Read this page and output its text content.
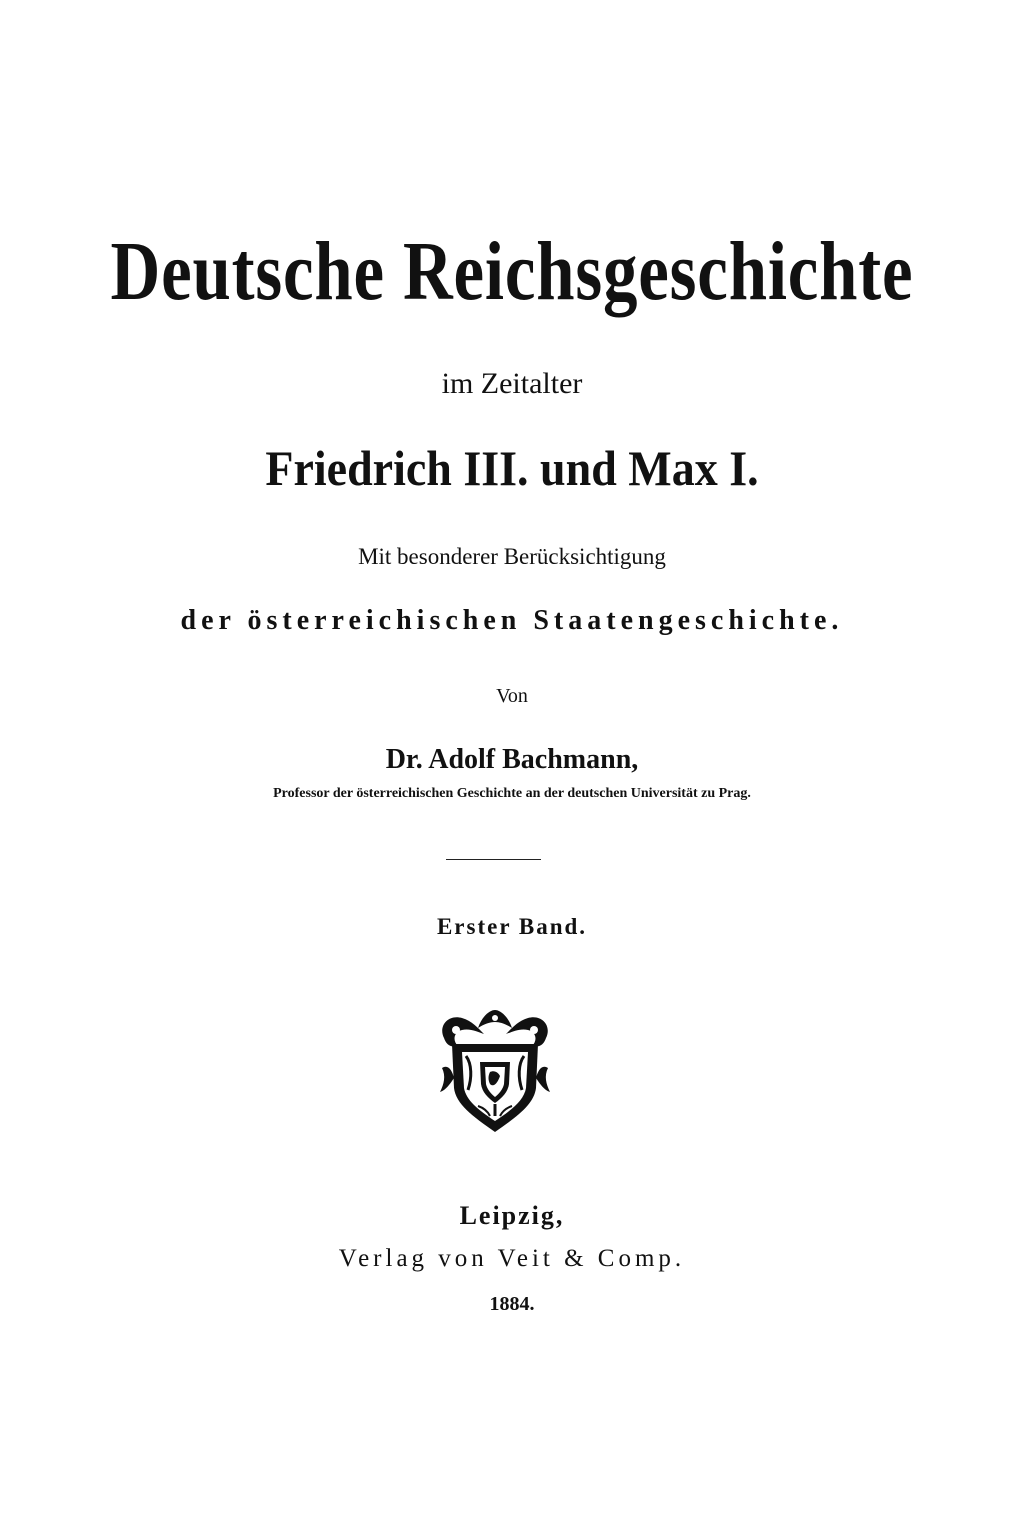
Deutsche Reichsgeschichte
im Zeitalter
Friedrich III. und Max I.
Mit besonderer Berücksichtigung
der österreichischen Staatengeschichte.
Von
Dr. Adolf Bachmann,
Professor der österreichischen Geschichte an der deutschen Universität zu Prag.
Erster Band.
Leipzig,
Verlag von Veit & Comp.
1884.
